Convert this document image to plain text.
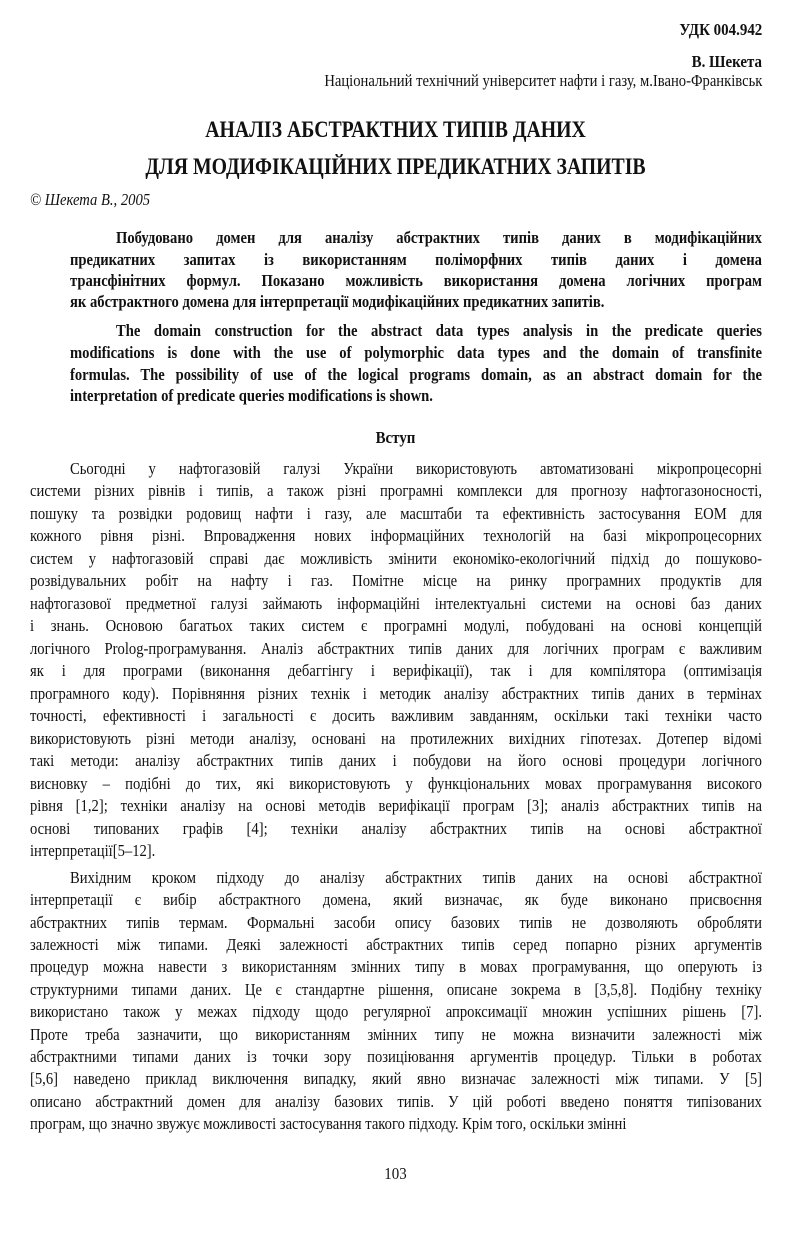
УДК 004.942
В. Шекета
Національний технічний університет нафти і газу, м.Івано-Франківськ
АНАЛІЗ АБСТРАКТНИХ ТИПІВ ДАНИХ
ДЛЯ МОДИФІКАЦІЙНИХ ПРЕДИКАТНИХ ЗАПИТІВ
© Шекета В., 2005
Побудовано домен для аналізу абстрактних типів даних в модифікаційних
предикатних запитах із використанням поліморфних типів даних і домена
трансфінітних формул. Показано можливість використання домена логічних програм
як абстрактного домена для інтерпретації модифікаційних предикатних запитів.
The domain construction for the abstract data types analysis in the predicate queries
modifications is done with the use of polymorphic data types and the domain of transfinite
formulas. The possibility of use of the logical programs domain, as an abstract domain for the
interpretation of predicate queries modifications is shown.
Вступ
Сьогодні у нафтогазовій галузі України використовують автоматизовані мікропроцесорні
системи різних рівнів і типів, а також різні програмні комплекси для прогнозу нафтогазоносності,
пошуку та розвідки родовищ нафти і газу, але масштаби та ефективність застосування ЕОМ для
кожного рівня різні. Впровадження нових інформаційних технологій на базі мікропроцесорних
систем у нафтогазовій справі дає можливість змінити економіко-екологічний підхід до пошуково-
розвідувальних робіт на нафту і газ. Помітне місце на ринку програмних продуктів для
нафтогазової предметної галузі займають інформаційні інтелектуальні системи на основі баз даних
і знань. Основою багатьох таких систем є програмні модулі, побудовані на основі концепцій
логічного Prolog-програмування. Аналіз абстрактних типів даних для логічних програм є важливим
як і для програми (виконання дебаггінгу і верифікації), так і для компілятора (оптимізація
програмного коду). Порівняння різних технік і методик аналізу абстрактних типів даних в термінах
точності, ефективності і загальності є досить важливим завданням, оскільки такі техніки часто
використовують різні методи аналізу, основані на протилежних вихідних гіпотезах. Дотепер відомі
такі методи: аналізу абстрактних типів даних і побудови на його основі процедури логічного
висновку – подібні до тих, які використовують у функціональних мовах програмування високого
рівня [1,2]; техніки аналізу на основі методів верифікації програм [3]; аналіз абстрактних типів на
основі типованих графів [4]; техніки аналізу абстрактних типів на основі абстрактної
інтерпретації[5–12].
Вихідним кроком підходу до аналізу абстрактних типів даних на основі абстрактної
інтерпретації є вибір абстрактного домена, який визначає, як буде виконано присвоєння
абстрактних типів термам. Формальні засоби опису базових типів не дозволяють обробляти
залежності між типами. Деякі залежності абстрактних типів серед попарно різних аргументів
процедур можна навести з використанням змінних типу в мовах програмування, що оперують із
структурними типами даних. Це є стандартне рішення, описане зокрема в [3,5,8]. Подібну техніку
використано також у межах підходу щодо регулярної апроксимації множин успішних рішень [7].
Проте треба зазначити, що використанням змінних типу не можна визначити залежності між
абстрактними типами даних із точки зору позиціювання аргументів процедур. Тільки в роботах
[5,6] наведено приклад виключення випадку, який явно визначає залежності між типами. У [5]
описано абстрактний домен для аналізу базових типів. У цій роботі введено поняття типізованих
програм, що значно звужує можливості застосування такого підходу. Крім того, оскільки змінні
103
